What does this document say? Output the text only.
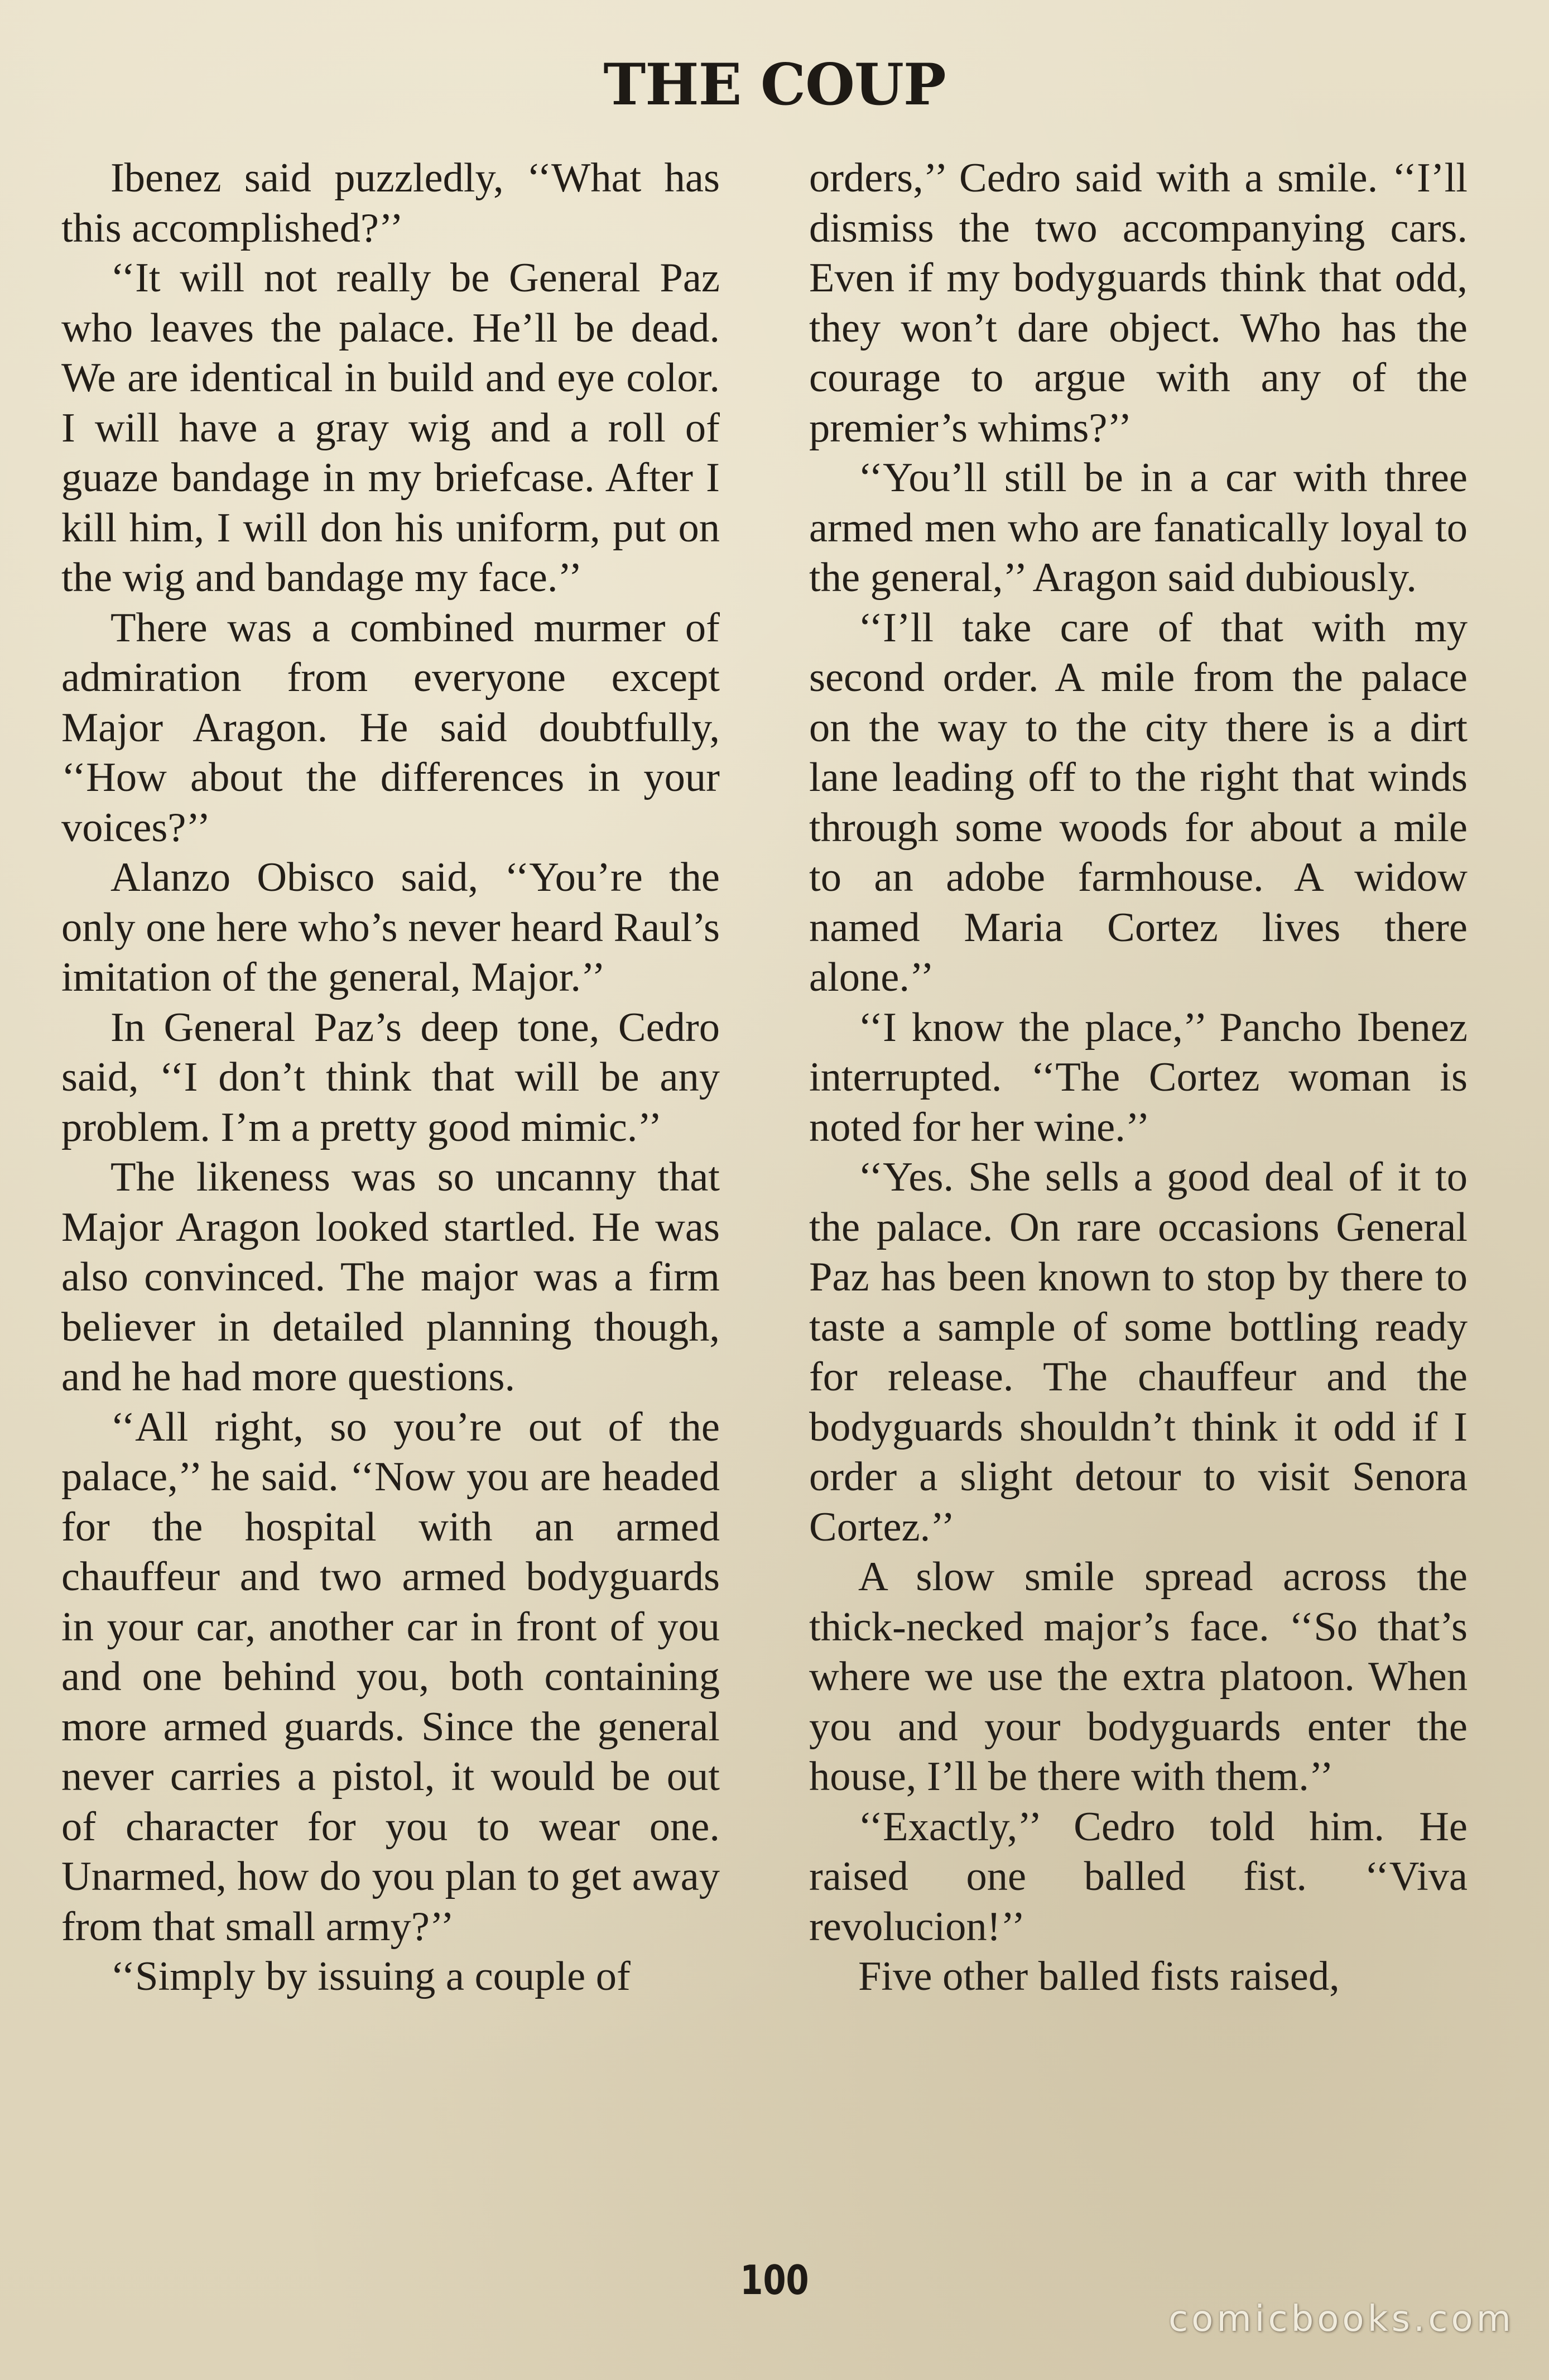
THE COUP

Ibenez said puzzledly, ‘‘What has this accomplished?’’

‘‘It will not really be General Paz who leaves the palace. He’ll be dead. We are identical in build and eye color. I will have a gray wig and a roll of guaze bandage in my briefcase. After I kill him, I will don his uniform, put on the wig and bandage my face.’’

There was a combined murmer of admiration from everyone except Major Aragon. He said doubtfully, ‘‘How about the differences in your voices?’’

Alanzo Obisco said, ‘‘You’re the only one here who’s never heard Raul’s imitation of the general, Major.’’

In General Paz’s deep tone, Cedro said, ‘‘I don’t think that will be any problem. I’m a pretty good mimic.’’

The likeness was so uncanny that Major Aragon looked startled. He was also convinced. The major was a firm believer in detailed planning though, and he had more questions.

‘‘All right, so you’re out of the palace,’’ he said. ‘‘Now you are headed for the hospital with an armed chauffeur and two armed bodyguards in your car, another car in front of you and one behind you, both containing more armed guards. Since the general never carries a pistol, it would be out of character for you to wear one. Unarmed, how do you plan to get away from that small army?’’

‘‘Simply by issuing a couple of

orders,’’ Cedro said with a smile. ‘‘I’ll dismiss the two accompanying cars. Even if my bodyguards think that odd, they won’t dare object. Who has the courage to argue with any of the premier’s whims?’’

‘‘You’ll still be in a car with three armed men who are fanatically loyal to the general,’’ Aragon said dubiously.

‘‘I’ll take care of that with my second order. A mile from the palace on the way to the city there is a dirt lane leading off to the right that winds through some woods for about a mile to an adobe farmhouse. A widow named Maria Cortez lives there alone.’’

‘‘I know the place,’’ Pancho Ibenez interrupted. ‘‘The Cortez woman is noted for her wine.’’

‘‘Yes. She sells a good deal of it to the palace. On rare occasions General Paz has been known to stop by there to taste a sample of some bottling ready for release. The chauffeur and the bodyguards shouldn’t think it odd if I order a slight detour to visit Senora Cortez.’’

A slow smile spread across the thick-necked major’s face. ‘‘So that’s where we use the extra platoon. When you and your bodyguards enter the house, I’ll be there with them.’’

‘‘Exactly,’’ Cedro told him. He raised one balled fist. ‘‘Viva revolucion!’’

Five other balled fists raised,

100
comicbooks.com
